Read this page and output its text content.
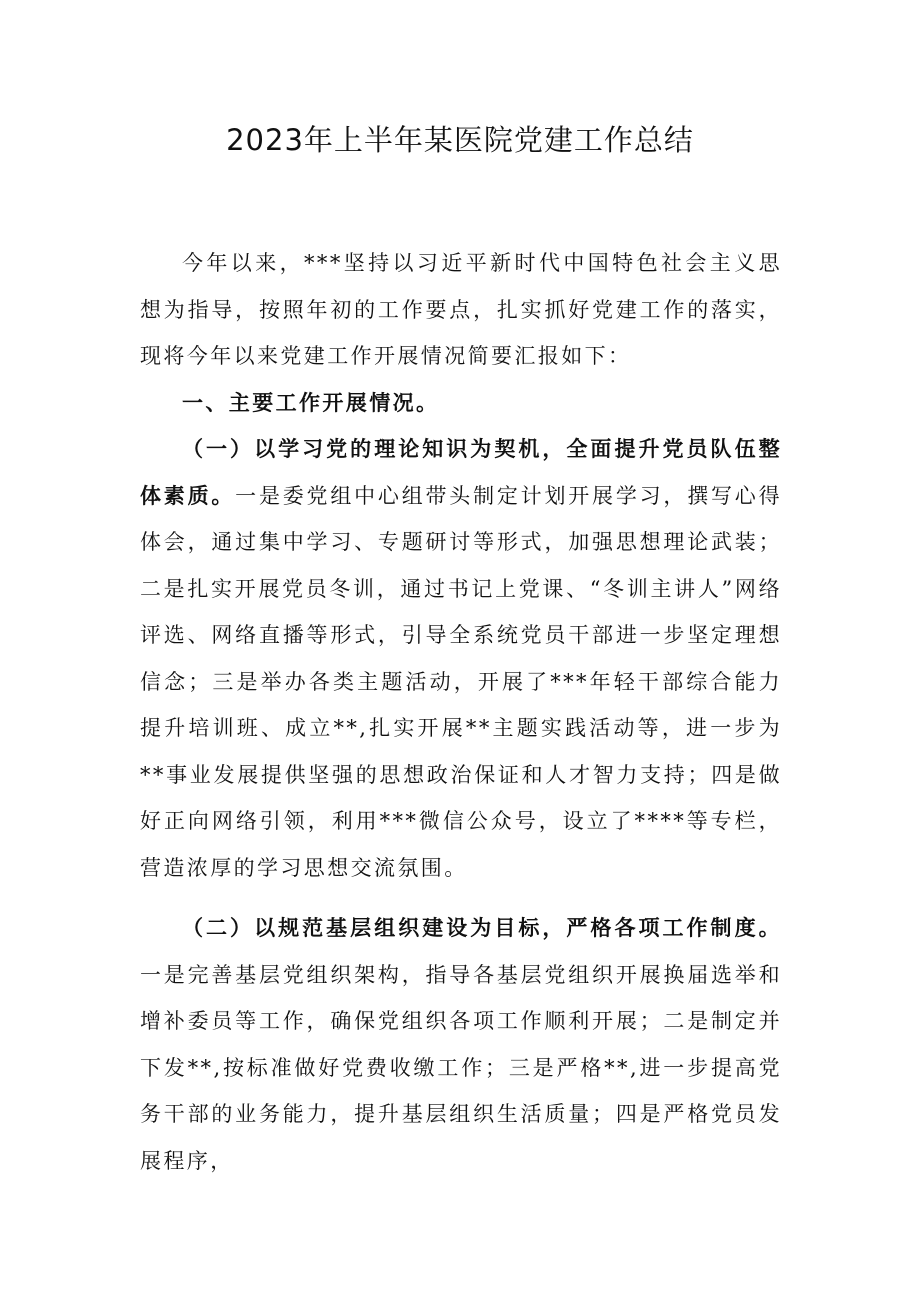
2023年上半年某医院党建工作总结

今年以来，***坚持以习近平新时代中国特色社会主义思想为指导，按照年初的工作要点，扎实抓好党建工作的落实，现将今年以来党建工作开展情况简要汇报如下：

一、主要工作开展情况。

（一）以学习党的理论知识为契机，全面提升党员队伍整体素质。一是委党组中心组带头制定计划开展学习，撰写心得体会，通过集中学习、专题研讨等形式，加强思想理论武装；二是扎实开展党员冬训，通过书记上党课、“冬训主讲人”网络评选、网络直播等形式，引导全系统党员干部进一步坚定理想信念；三是举办各类主题活动，开展了***年轻干部综合能力提升培训班、成立**,扎实开展**主题实践活动等，进一步为**事业发展提供坚强的思想政治保证和人才智力支持；四是做好正向网络引领，利用***微信公众号，设立了****等专栏，营造浓厚的学习思想交流氛围。

（二）以规范基层组织建设为目标，严格各项工作制度。一是完善基层党组织架构，指导各基层党组织开展换届选举和增补委员等工作，确保党组织各项工作顺利开展；二是制定并下发**,按标准做好党费收缴工作；三是严格**,进一步提高党务干部的业务能力，提升基层组织生活质量；四是严格党员发展程序，
